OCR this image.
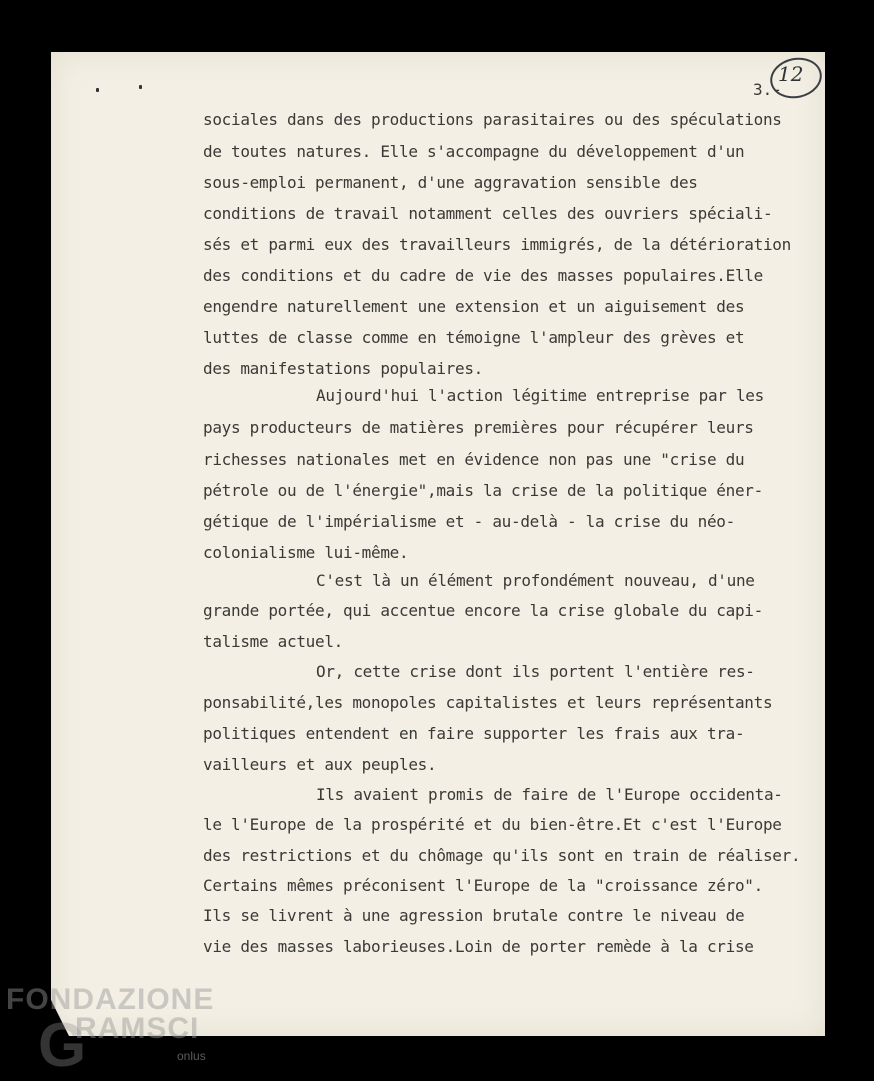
3.-
12
sociales dans des productions parasitaires ou des spéculations
de toutes natures. Elle s'accompagne du développement d'un
sous-emploi permanent, d'une aggravation sensible des
conditions de travail notamment celles des ouvriers spéciali-
sés et parmi eux des travailleurs immigrés, de la détérioration
des conditions et du cadre de vie des masses populaires.Elle
engendre naturellement une extension et un aiguisement des
luttes de classe comme en témoigne l'ampleur des grèves et
des manifestations populaires.
Aujourd'hui l'action légitime entreprise par les
pays producteurs de matières premières pour récupérer leurs
richesses nationales met en évidence non pas une "crise du
pétrole ou de l'énergie",mais la crise de la politique éner-
gétique de l'impérialisme et - au-delà - la crise du néo-
colonialisme lui-même.
C'est là un élément profondément nouveau, d'une
grande portée, qui accentue encore la crise globale du capi-
talisme actuel.
Or, cette crise dont ils portent l'entière res-
ponsabilité,les monopoles capitalistes et leurs représentants
politiques entendent en faire supporter les frais aux tra-
vailleurs et aux peuples.
Ils avaient promis de faire de l'Europe occidenta-
le l'Europe de la prospérité et du bien-être.Et c'est l'Europe
des restrictions et du chômage qu'ils sont en train de réaliser.
Certains mêmes préconisent l'Europe de la "croissance zéro".
Ils se livrent à une agression brutale contre le niveau de
vie des masses laborieuses.Loin de porter remède à la crise
FONDAZIONE
G
RAMSCI
onlus
